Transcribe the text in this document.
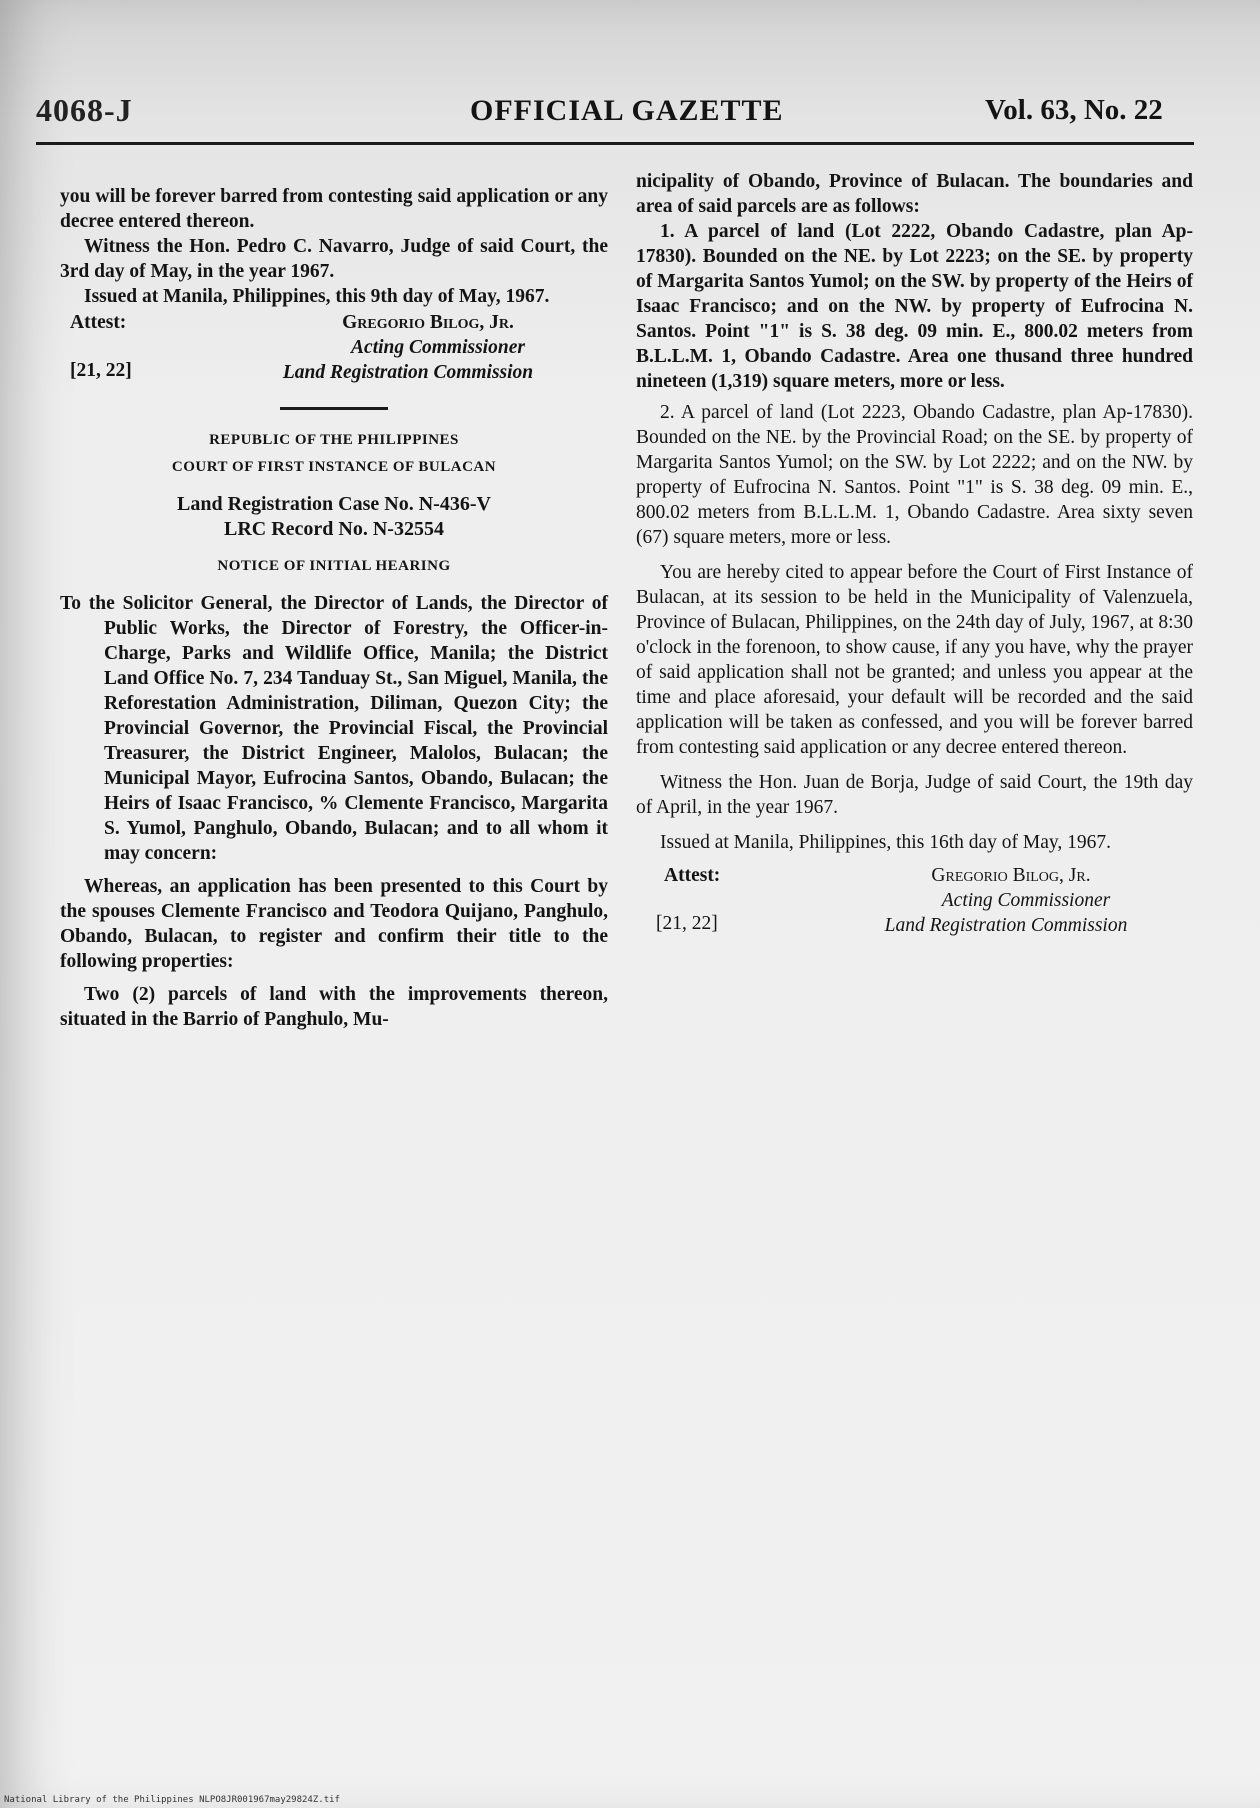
4068-J	OFFICIAL GAZETTE	Vol. 63, No. 22

you will be forever barred from contesting said application or any decree entered thereon.

Witness the Hon. Pedro C. Navarro, Judge of said Court, the 3rd day of May, in the year 1967.

Issued at Manila, Philippines, this 9th day of May, 1967.

Attest:	Gregorio Bilog, Jr.
Acting Commissioner
Land Registration Commission
[21, 22]
REPUBLIC OF THE PHILIPPINES
COURT OF FIRST INSTANCE OF BULACAN
Land Registration Case No. N-436-V
LRC Record No. N-32554
NOTICE OF INITIAL HEARING

To the Solicitor General, the Director of Lands, the Director of Public Works, the Director of Forestry, the Officer-in-Charge, Parks and Wildlife Office, Manila; the District Land Office No. 7, 234 Tanduay St., San Miguel, Manila, the Reforestation Administration, Diliman, Quezon City; the Provincial Governor, the Provincial Fiscal, the Provincial Treasurer, the District Engineer, Malolos, Bulacan; the Municipal Mayor, Eufrocina Santos, Obando, Bulacan; the Heirs of Isaac Francisco, % Clemente Francisco, Margarita S. Yumol, Panghulo, Obando, Bulacan; and to all whom it may concern:

Whereas, an application has been presented to this Court by the spouses Clemente Francisco and Teodora Quijano, Panghulo, Obando, Bulacan, to register and confirm their title to the following properties:

Two (2) parcels of land with the improvements thereon, situated in the Barrio of Panghulo, Mu-

nicipality of Obando, Province of Bulacan. The boundaries and area of said parcels are as follows:

1. A parcel of land (Lot 2222, Obando Cadastre, plan Ap-17830). Bounded on the NE. by Lot 2223; on the SE. by property of Margarita Santos Yumol; on the SW. by property of the Heirs of Isaac Francisco; and on the NW. by property of Eufrocina N. Santos. Point "1" is S. 38 deg. 09 min. E., 800.02 meters from B.L.L.M. 1, Obando Cadastre. Area one thusand three hundred nineteen (1,319) square meters, more or less.

2. A parcel of land (Lot 2223, Obando Cadastre, plan Ap-17830). Bounded on the NE. by the Provincial Road; on the SE. by property of Margarita Santos Yumol; on the SW. by Lot 2222; and on the NW. by property of Eufrocina N. Santos. Point "1" is S. 38 deg. 09 min. E., 800.02 meters from B.L.L.M. 1, Obando Cadastre. Area sixty seven (67) square meters, more or less.

You are hereby cited to appear before the Court of First Instance of Bulacan, at its session to be held in the Municipality of Valenzuela, Province of Bulacan, Philippines, on the 24th day of July, 1967, at 8:30 o'clock in the forenoon, to show cause, if any you have, why the prayer of said application shall not be granted; and unless you appear at the time and place aforesaid, your default will be recorded and the said application will be taken as confessed, and you will be forever barred from contesting said application or any decree entered thereon.

Witness the Hon. Juan de Borja, Judge of said Court, the 19th day of April, in the year 1967.

Issued at Manila, Philippines, this 16th day of May, 1967.

Attest:	Gregorio Bilog, Jr.
Acting Commissioner
Land Registration Commission
[21, 22]
National Library of the Philippines NLPO8JR001967may29824Z.tif
